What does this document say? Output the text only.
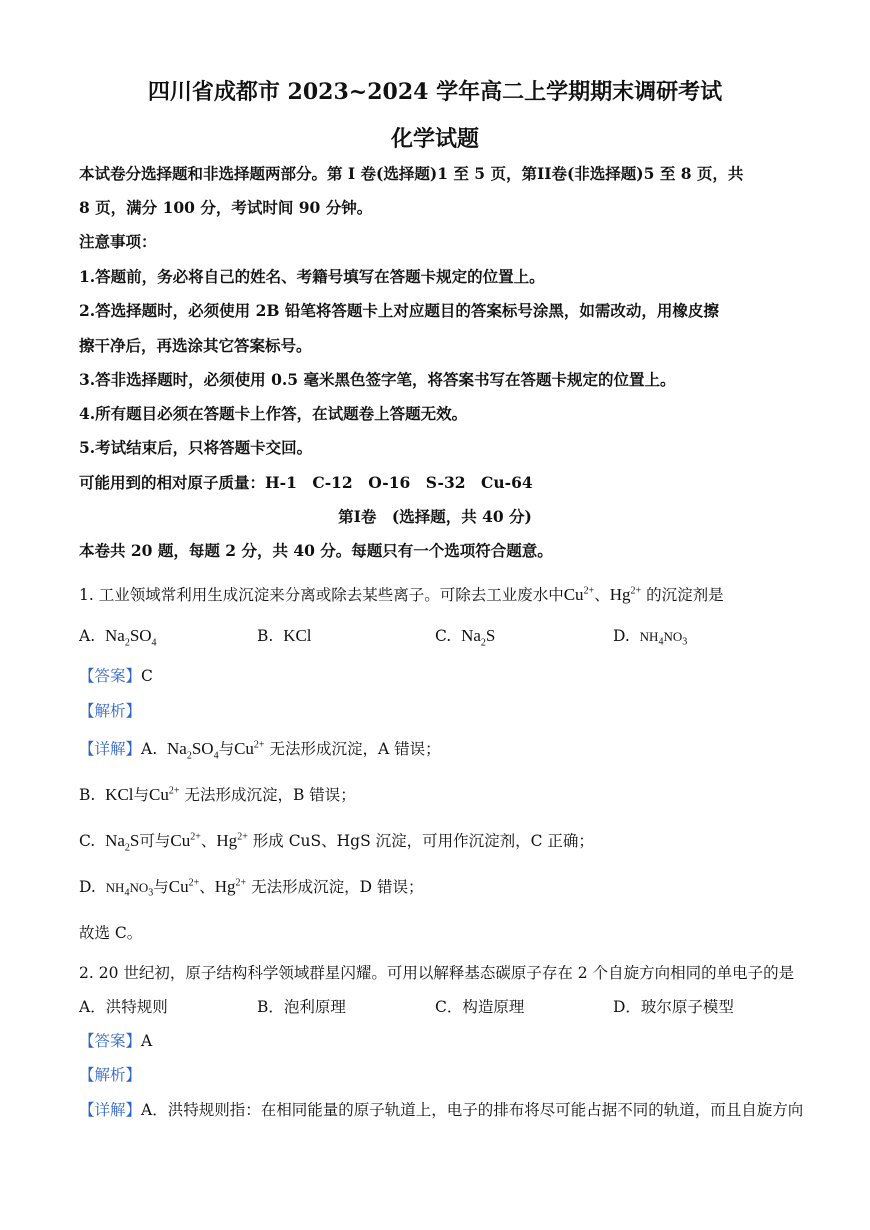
四川省成都市 2023~2024 学年高二上学期期末调研考试
化学试题
本试卷分选择题和非选择题两部分。第 I 卷(选择题)1 至 5 页，第II卷(非选择题)5 至 8 页，共
8 页，满分 100 分，考试时间 90 分钟。
注意事项：
1.答题前，务必将自己的姓名、考籍号填写在答题卡规定的位置上。
2.答选择题时，必须使用 2B 铅笔将答题卡上对应题目的答案标号涂黑，如需改动，用橡皮擦
擦干净后，再选涂其它答案标号。
3.答非选择题时，必须使用 0.5 毫米黑色签字笔，将答案书写在答题卡规定的位置上。
4.所有题目必须在答题卡上作答，在试题卷上答题无效。
5.考试结束后，只将答题卡交回。
可能用到的相对原子质量：H-1　C-12　O-16　S-32　Cu-64
第I卷　(选择题，共 40 分)
本卷共 20 题，每题 2 分，共 40 分。每题只有一个选项符合题意。
1. 工业领域常利用生成沉淀来分离或除去某些离子。可除去工业废水中$Cu^{2+}$、$Hg^{2+}$ 的沉淀剂是
A. $Na_2SO_4$	B. KCl	C. $Na_2S$	D. $NH_4NO_3$
【答案】C
【解析】
【详解】A.  $Na_2SO_4$与$Cu^{2+}$ 无法形成沉淀，A 错误；
B.  KCl与$Cu^{2+}$ 无法形成沉淀，B 错误；
C.  $Na_2S$可与$Cu^{2+}$、$Hg^{2+}$ 形成 CuS、HgS 沉淀，可用作沉淀剂，C 正确；
D.  $NH_4NO_3$与$Cu^{2+}$、$Hg^{2+}$ 无法形成沉淀，D 错误；
故选 C。
2. 20 世纪初，原子结构科学领域群星闪耀。可用以解释基态碳原子存在 2 个自旋方向相同的单电子的是
A．洪特规则	B．泡利原理	C．构造原理	D．玻尔原子模型
【答案】A
【解析】
【详解】A．洪特规则指：在相同能量的原子轨道上，电子的排布将尽可能占据不同的轨道，而且自旋方向
